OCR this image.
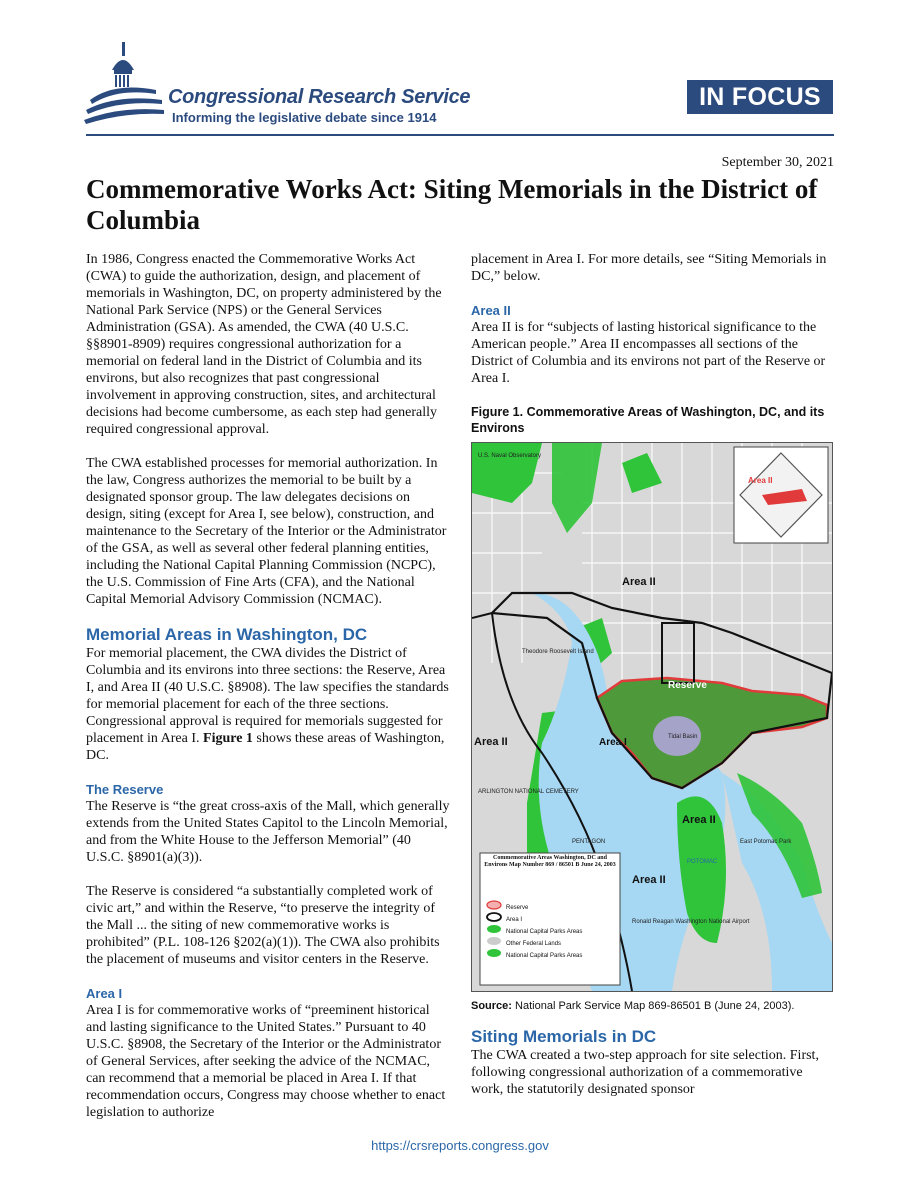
Congressional Research Service
Informing the legislative debate since 1914
IN FOCUS
September 30, 2021
Commemorative Works Act: Siting Memorials in the District of Columbia

In 1986, Congress enacted the Commemorative Works Act (CWA) to guide the authorization, design, and placement of memorials in Washington, DC, on property administered by the National Park Service (NPS) or the General Services Administration (GSA). As amended, the CWA (40 U.S.C. §§8901-8909) requires congressional authorization for a memorial on federal land in the District of Columbia and its environs, but also recognizes that past congressional involvement in approving construction, sites, and architectural decisions had become cumbersome, as each step had generally required congressional approval.

The CWA established processes for memorial authorization. In the law, Congress authorizes the memorial to be built by a designated sponsor group. The law delegates decisions on design, siting (except for Area I, see below), construction, and maintenance to the Secretary of the Interior or the Administrator of the GSA, as well as several other federal planning entities, including the National Capital Planning Commission (NCPC), the U.S. Commission of Fine Arts (CFA), and the National Capital Memorial Advisory Commission (NCMAC).

Memorial Areas in Washington, DC

For memorial placement, the CWA divides the District of Columbia and its environs into three sections: the Reserve, Area I, and Area II (40 U.S.C. §8908). The law specifies the standards for memorial placement for each of the three sections. Congressional approval is required for memorials suggested for placement in Area I. Figure 1 shows these areas of Washington, DC.

The Reserve

The Reserve is “the great cross-axis of the Mall, which generally extends from the United States Capitol to the Lincoln Memorial, and from the White House to the Jefferson Memorial” (40 U.S.C. §8901(a)(3)).

The Reserve is considered “a substantially completed work of civic art,” and within the Reserve, “to preserve the integrity of the Mall ... the siting of new commemorative works is prohibited” (P.L. 108-126 §202(a)(1)). The CWA also prohibits the placement of museums and visitor centers in the Reserve.

Area I

Area I is for commemorative works of “preeminent historical and lasting significance to the United States.” Pursuant to 40 U.S.C. §8908, the Secretary of the Interior or the Administrator of General Services, after seeking the advice of the NCMAC, can recommend that a memorial be placed in Area I. If that recommendation occurs, Congress may choose whether to enact legislation to authorize

placement in Area I. For more details, see “Siting Memorials in DC,” below.

Area II

Area II is for “subjects of lasting historical significance to the American people.” Area II encompasses all sections of the District of Columbia and its environs not part of the Reserve or Area I.

Figure 1. Commemorative Areas of Washington, DC, and its Environs
Area II
Area II
Area II
Area II
Reserve
Area I
Area II
U.S. Naval Observatory
Theodore Roosevelt Island
PENTAGON
ARLINGTON NATIONAL CEMETERY
Ronald Reagan Washington National Airport
POTOMAC
East Potomac Park
Tidal Basin
Commemorative Areas Washington, DC and Environs Map Number 869 / 86501 B June 24, 2003
Reserve
Area I
National Capital Parks Areas
Other Federal Lands
National Capital Parks Areas
Source: National Park Service Map 869-86501 B (June 24, 2003).
Siting Memorials in DC

The CWA created a two-step approach for site selection. First, following congressional authorization of a commemorative work, the statutorily designated sponsor

https://crsreports.congress.gov
